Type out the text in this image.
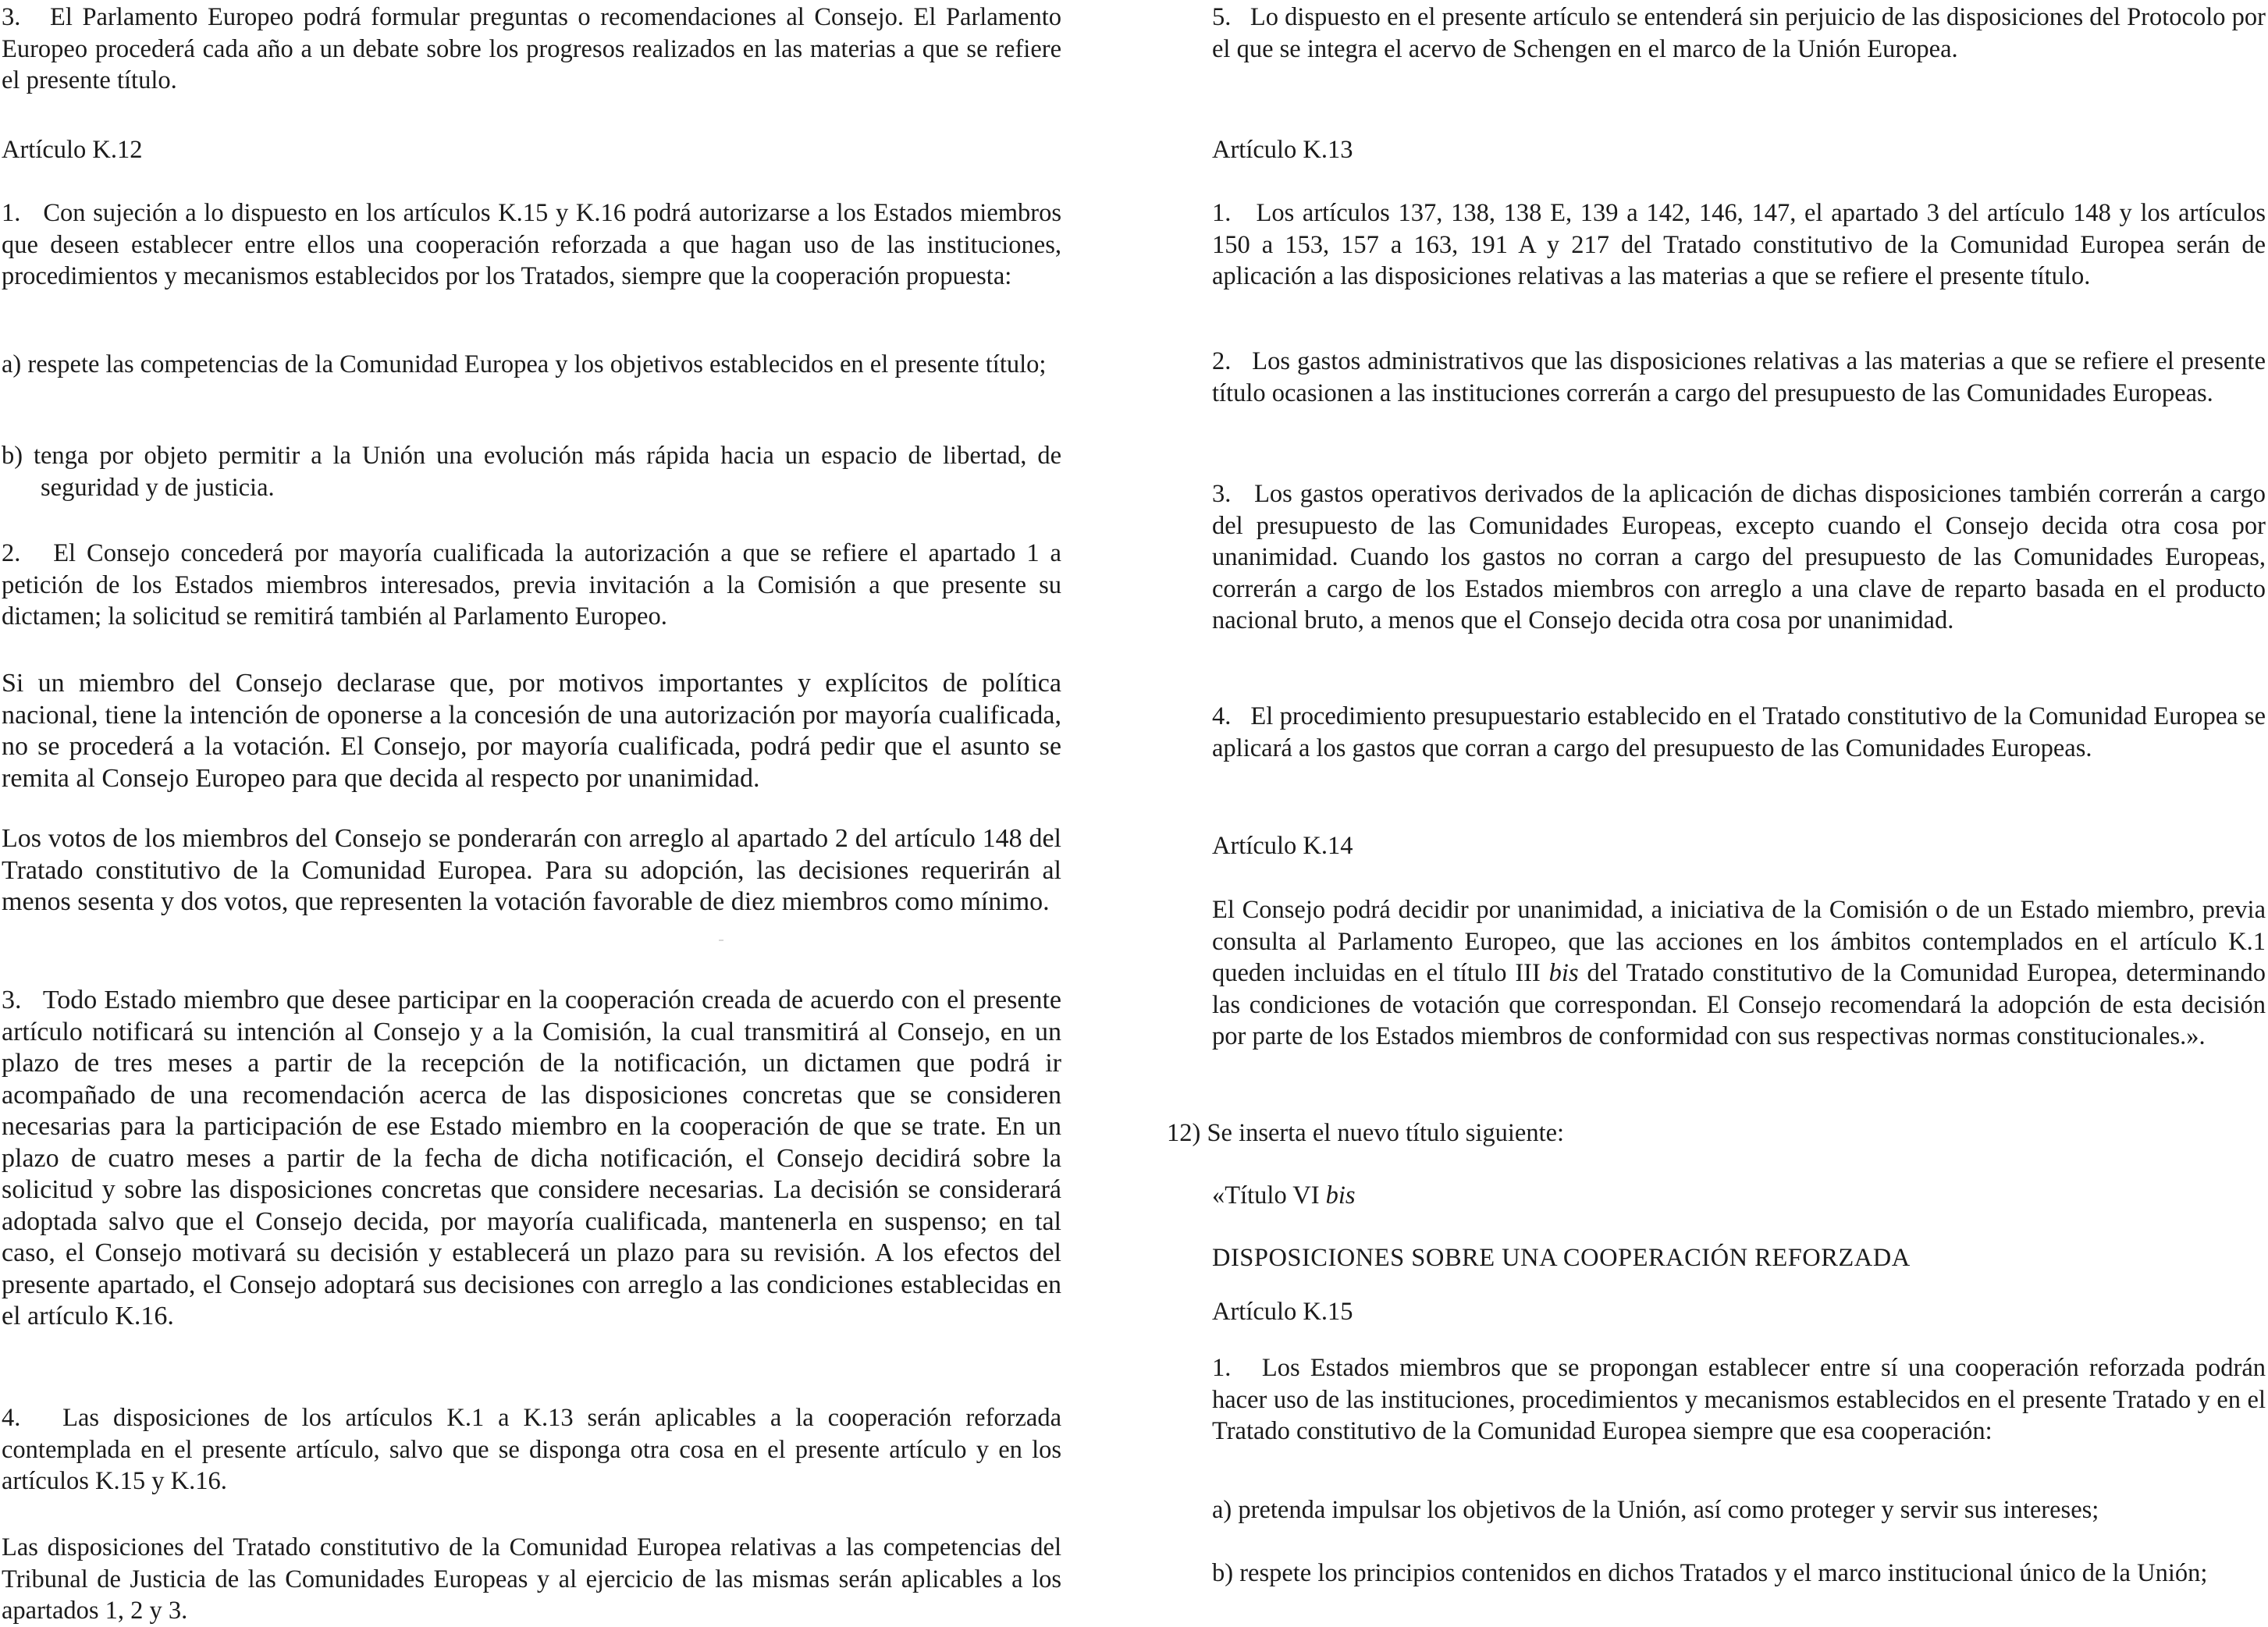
3.   El Parlamento Europeo podrá formular preguntas o recomendaciones al Consejo. El Parlamento Europeo procederá cada año a un debate sobre los progresos realizados en las materias a que se refiere el presente título.

Artículo K.12

1.   Con sujeción a lo dispuesto en los artículos K.15 y K.16 podrá autorizarse a los Estados miembros que deseen establecer entre ellos una cooperación reforzada a que hagan uso de las instituciones, procedimientos y mecanismos establecidos por los Tratados, siempre que la cooperación propuesta:

a) respete las competencias de la Comunidad Europea y los objetivos establecidos en el presente título;

b) tenga por objeto permitir a la Unión una evolución más rápida hacia un espacio de libertad, de seguridad y de justicia.

2.   El Consejo concederá por mayoría cualificada la autorización a que se refiere el apartado 1 a petición de los Estados miembros interesados, previa invitación a la Comisión a que presente su dictamen; la solicitud se remitirá también al Parlamento Europeo.

Si un miembro del Consejo declarase que, por motivos importantes y explícitos de política nacional, tiene la intención de oponerse a la concesión de una autorización por mayoría cualificada, no se procederá a la votación. El Consejo, por mayoría cualificada, podrá pedir que el asunto se remita al Consejo Europeo para que decida al respecto por unanimidad.

Los votos de los miembros del Consejo se ponderarán con arreglo al apartado 2 del artículo 148 del Tratado constitutivo de la Comunidad Europea. Para su adopción, las decisiones requerirán al menos sesenta y dos votos, que representen la votación favorable de diez miembros como mínimo.

3.   Todo Estado miembro que desee participar en la cooperación creada de acuerdo con el presente artículo notificará su intención al Consejo y a la Comisión, la cual transmitirá al Consejo, en un plazo de tres meses a partir de la recepción de la notificación, un dictamen que podrá ir acompañado de una recomendación acerca de las disposiciones concretas que se consideren necesarias para la participación de ese Estado miembro en la cooperación de que se trate. En un plazo de cuatro meses a partir de la fecha de dicha notificación, el Consejo decidirá sobre la solicitud y sobre las disposiciones concretas que considere necesarias. La decisión se considerará adoptada salvo que el Consejo decida, por mayoría cualificada, mantenerla en suspenso; en tal caso, el Consejo motivará su decisión y establecerá un plazo para su revisión. A los efectos del presente apartado, el Consejo adoptará sus decisiones con arreglo a las condiciones establecidas en el artículo K.16.

4.   Las disposiciones de los artículos K.1 a K.13 serán aplicables a la cooperación reforzada contemplada en el presente artículo, salvo que se disponga otra cosa en el presente artículo y en los artículos K.15 y K.16.

Las disposiciones del Tratado constitutivo de la Comunidad Europea relativas a las competencias del Tribunal de Justicia de las Comunidades Europeas y al ejercicio de las mismas serán aplicables a los apartados 1, 2 y 3.

5.   Lo dispuesto en el presente artículo se entenderá sin perjuicio de las disposiciones del Protocolo por el que se integra el acervo de Schengen en el marco de la Unión Europea.

Artículo K.13

1.   Los artículos 137, 138, 138 E, 139 a 142, 146, 147, el apartado 3 del artículo 148 y los artículos 150 a 153, 157 a 163, 191 A y 217 del Tratado constitutivo de la Comunidad Europea serán de aplicación a las disposiciones relativas a las materias a que se refiere el presente título.

2.   Los gastos administrativos que las disposiciones relativas a las materias a que se refiere el presente título ocasionen a las instituciones correrán a cargo del presupuesto de las Comunidades Europeas.

3.   Los gastos operativos derivados de la aplicación de dichas disposiciones también correrán a cargo del presupuesto de las Comunidades Europeas, excepto cuando el Consejo decida otra cosa por unanimidad. Cuando los gastos no corran a cargo del presupuesto de las Comunidades Europeas, correrán a cargo de los Estados miembros con arreglo a una clave de reparto basada en el producto nacional bruto, a menos que el Consejo decida otra cosa por unanimidad.

4.   El procedimiento presupuestario establecido en el Tratado constitutivo de la Comunidad Europea se aplicará a los gastos que corran a cargo del presupuesto de las Comunidades Europeas.

Artículo K.14

El Consejo podrá decidir por unanimidad, a iniciativa de la Comisión o de un Estado miembro, previa consulta al Parlamento Europeo, que las acciones en los ámbitos contemplados en el artículo K.1 queden incluidas en el título III bis del Tratado constitutivo de la Comunidad Europea, determinando las condiciones de votación que correspondan. El Consejo recomendará la adopción de esta decisión por parte de los Estados miembros de conformidad con sus respectivas normas constitucionales.».

12) Se inserta el nuevo título siguiente:

«Título VI bis

DISPOSICIONES SOBRE UNA COOPERACIÓN REFORZADA

Artículo K.15

1.   Los Estados miembros que se propongan establecer entre sí una cooperación reforzada podrán hacer uso de las instituciones, procedimientos y mecanismos establecidos en el presente Tratado y en el Tratado constitutivo de la Comunidad Europea siempre que esa cooperación:

a) pretenda impulsar los objetivos de la Unión, así como proteger y servir sus intereses;

b) respete los principios contenidos en dichos Tratados y el marco institucional único de la Unión;
